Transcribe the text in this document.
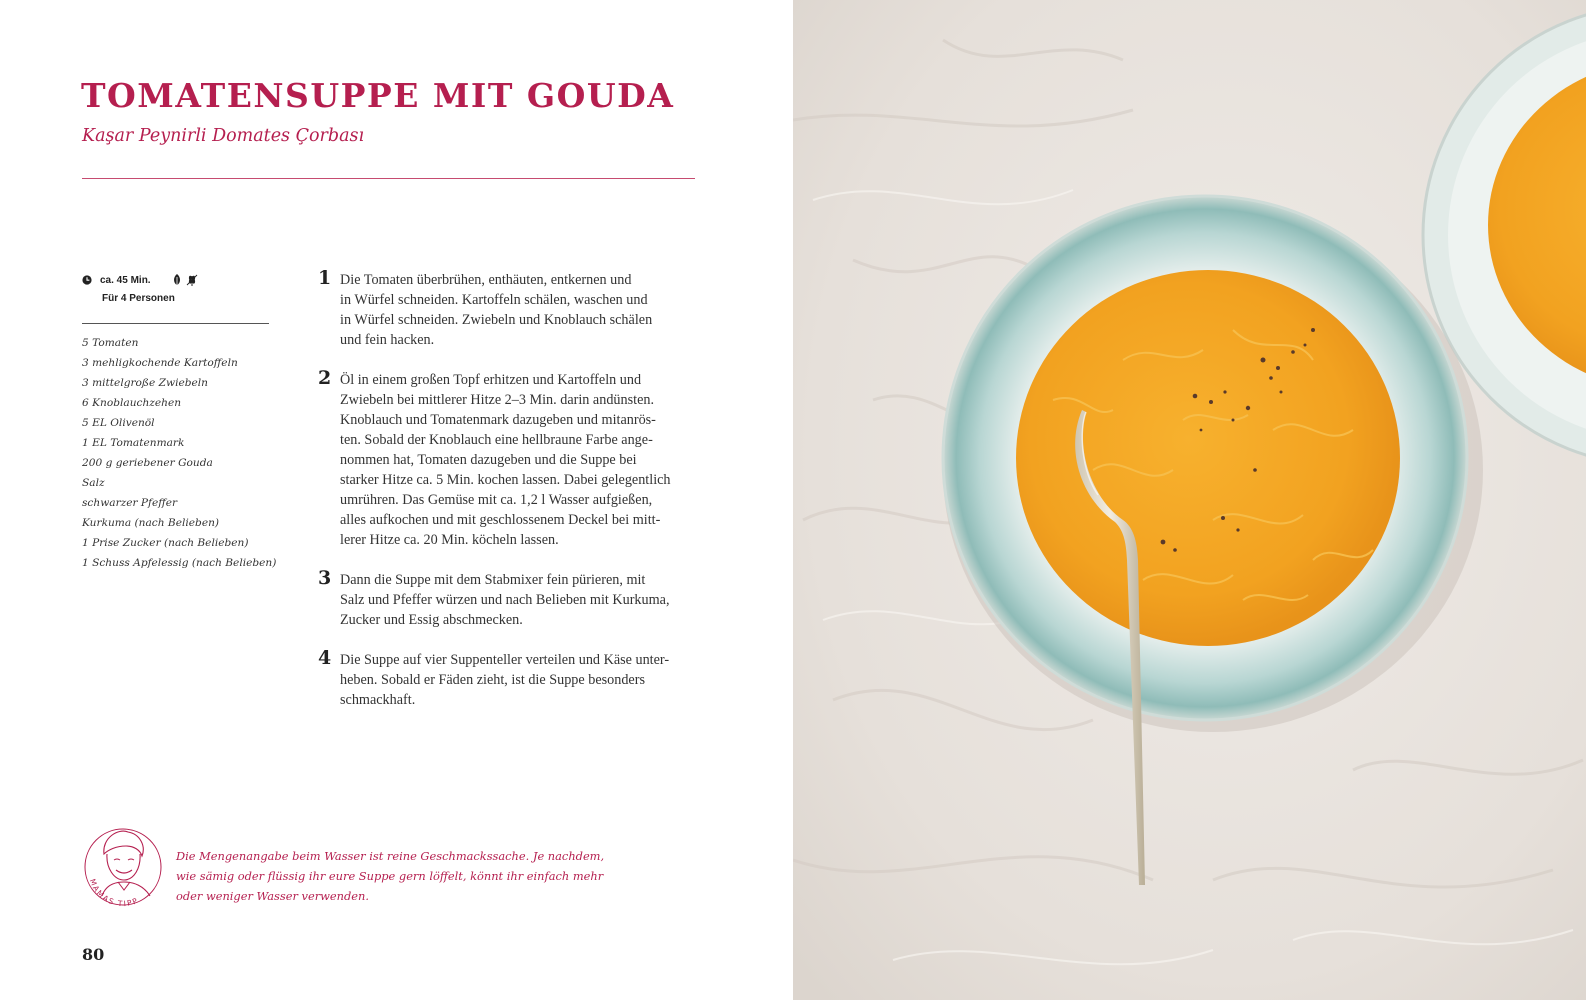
TOMATENSUPPE MIT GOUDA
Kaşar Peynirli Domates Çorbası
ca. 45 Min.
Für 4 Personen
5 Tomaten
3 mehligkochende Kartoffeln
3 mittelgroße Zwiebeln
6 Knoblauchzehen
5 EL Olivenöl
1 EL Tomatenmark
200 g geriebener Gouda
Salz
schwarzer Pfeffer
Kurkuma (nach Belieben)
1 Prise Zucker (nach Belieben)
1 Schuss Apfelessig (nach Belieben)
1 Die Tomaten überbrühen, enthäuten, entkernen und
in Würfel schneiden. Kartoffeln schälen, waschen und
in Würfel schneiden. Zwiebeln und Knoblauch schälen
und fein hacken.
2 Öl in einem großen Topf erhitzen und Kartoffeln und
Zwiebeln bei mittlerer Hitze 2–3 Min. darin andünsten.
Knoblauch und Tomatenmark dazugeben und mitanrös-
ten. Sobald der Knoblauch eine hellbraune Farbe ange-
nommen hat, Tomaten dazugeben und die Suppe bei
starker Hitze ca. 5 Min. kochen lassen. Dabei gelegentlich
umrühren. Das Gemüse mit ca. 1,2 l Wasser aufgießen,
alles aufkochen und mit geschlossenem Deckel bei mitt-
lerer Hitze ca. 20 Min. köcheln lassen.
3 Dann die Suppe mit dem Stabmixer fein pürieren, mit
Salz und Pfeffer würzen und nach Belieben mit Kurkuma,
Zucker und Essig abschmecken.
4 Die Suppe auf vier Suppenteller verteilen und Käse unter-
heben. Sobald er Fäden zieht, ist die Suppe besonders
schmackhaft.
MAMAS TIPP
Die Mengenangabe beim Wasser ist reine Geschmackssache. Je nachdem,
wie sämig oder flüssig ihr eure Suppe gern löffelt, könnt ihr einfach mehr
oder weniger Wasser verwenden.
80
